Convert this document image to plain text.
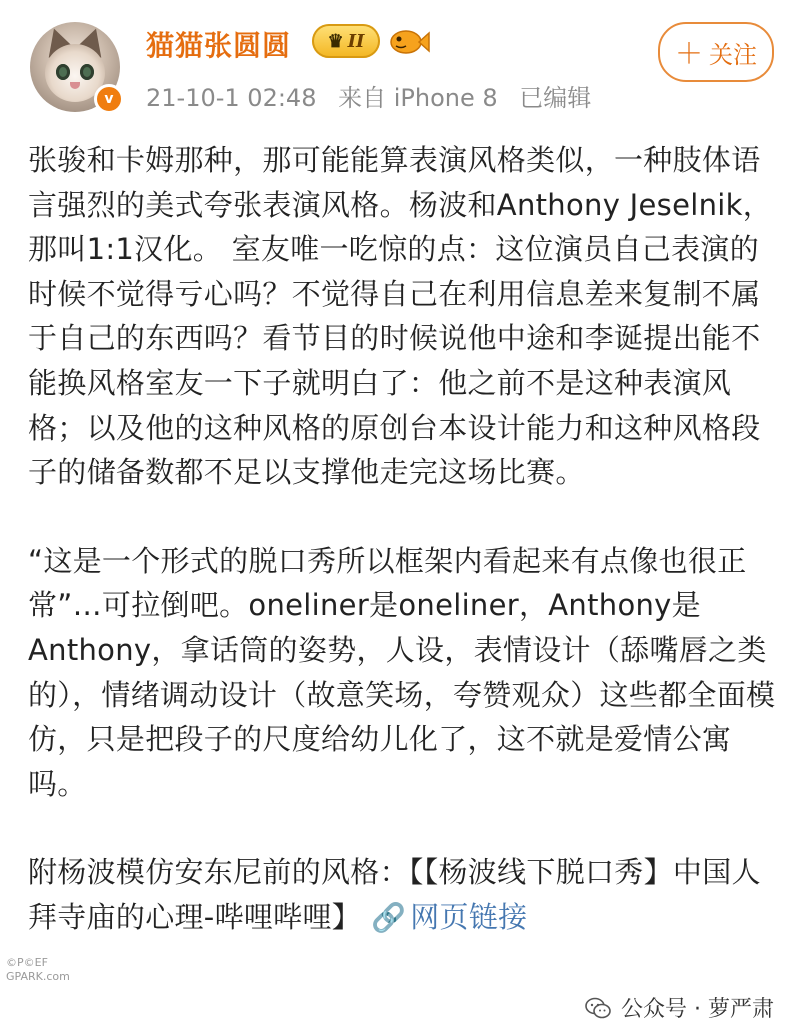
v
猫猫张圆圆 ♛ II
21-10-1 02:48 来自 iPhone 8 已编辑
＋ 关注
张骏和卡姆那种，那可能能算表演风格类似，一种肢体语言强烈的美式夸张表演风格。杨波和Anthony Jeselnik，那叫1:1汉化。 室友唯一吃惊的点：这位演员自己表演的时候不觉得亏心吗？不觉得自己在利用信息差来复制不属于自己的东西吗？看节目的时候说他中途和李诞提出能不能换风格室友一下子就明白了：他之前不是这种表演风格；以及他的这种风格的原创台本设计能力和这种风格段子的储备数都不足以支撑他走完这场比赛。
“这是一个形式的脱口秀所以框架内看起来有点像也很正常”…可拉倒吧。oneliner是oneliner，Anthony是Anthony，拿话筒的姿势，人设，表情设计（舔嘴唇之类的），情绪调动设计（故意笑场，夸赞观众）这些都全面模仿，只是把段子的尺度给幼儿化了，这不就是爱情公寓吗。
附杨波模仿安东尼前的风格：【【杨波线下脱口秀】中国人拜寺庙的心理-哔哩哔哩】 🔗 网页链接
©P©EF
GPARK.com
公众号 · 萝严肃
